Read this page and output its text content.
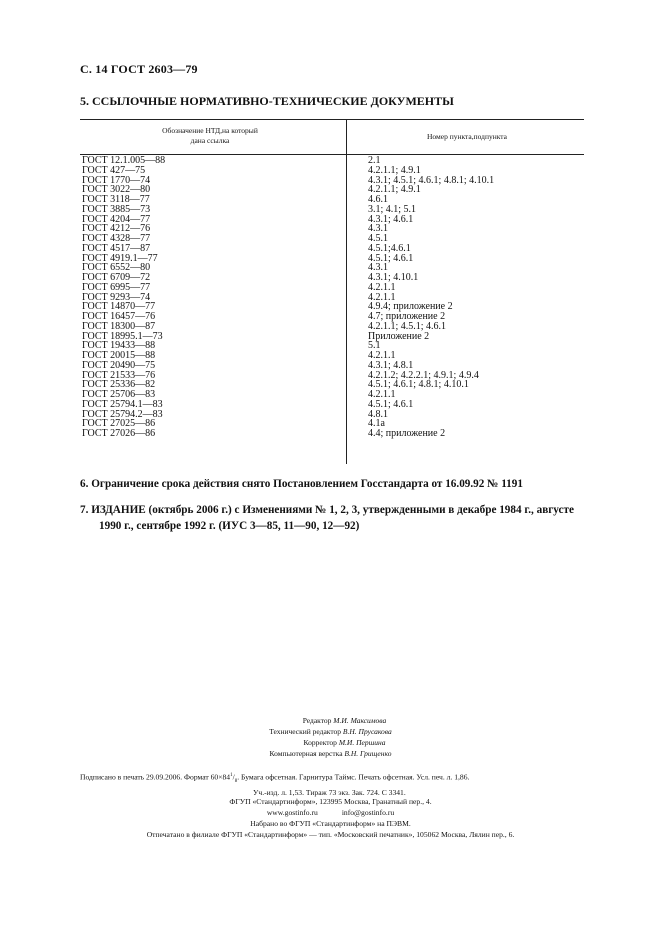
С. 14 ГОСТ 2603—79
5. ССЫЛОЧНЫЕ НОРМАТИВНО-ТЕХНИЧЕСКИЕ ДОКУМЕНТЫ
Обозначение НТД,на который
дана ссылка	Номер пункта,подпункта
ГОСТ 12.1.005—88
ГОСТ 427—75
ГОСТ 1770—74
ГОСТ 3022—80
ГОСТ 3118—77
ГОСТ 3885—73
ГОСТ 4204—77
ГОСТ 4212—76
ГОСТ 4328—77
ГОСТ 4517—87
ГОСТ 4919.1—77
ГОСТ 6552—80
ГОСТ 6709—72
ГОСТ 6995—77
ГОСТ 9293—74
ГОСТ 14870—77
ГОСТ 16457—76
ГОСТ 18300—87
ГОСТ 18995.1—73
ГОСТ 19433—88
ГОСТ 20015—88
ГОСТ 20490—75
ГОСТ 21533—76
ГОСТ 25336—82
ГОСТ 25706—83
ГОСТ 25794.1—83
ГОСТ 25794.2—83
ГОСТ 27025—86
ГОСТ 27026—86
2.1
4.2.1.1; 4.9.1
4.3.1; 4.5.1; 4.6.1; 4.8.1; 4.10.1
4.2.1.1; 4.9.1
4.6.1
3.1; 4.1; 5.1
4.3.1; 4.6.1
4.3.1
4.5.1
4.5.1;4.6.1
4.5.1; 4.6.1
4.3.1
4.3.1; 4.10.1
4.2.1.1
4.2.1.1
4.9.4; приложение 2
4.7; приложение 2
4.2.1.1; 4.5.1; 4.6.1
Приложение 2
5.1
4.2.1.1
4.3.1; 4.8.1
4.2.1.2; 4.2.2.1; 4.9.1; 4.9.4
4.5.1; 4.6.1; 4.8.1; 4.10.1
4.2.1.1
4.5.1; 4.6.1
4.8.1
4.1а
4.4; приложение 2
6. Ограничение срока действия снято Постановлением Госстандарта от 16.09.92 № 1191
7. ИЗДАНИЕ (октябрь 2006 г.) с Изменениями № 1, 2, 3, утвержденными в декабре 1984 г., августе
1990 г., сентябре 1992 г. (ИУС 3—85, 11—90, 12—92)
Редактор М.И. Максимова
Технический редактор В.Н. Прусакова
Корректор М.И. Першина
Компьютерная верстка В.Н. Грищенко
Подписано в печать 29.09.2006. Формат $60\times 84^1/_8$. Бумага офсетная. Гарнитура Таймс. Печать офсетная. Усл. печ. л. 1,86.
Уч.-изд. л. 1,53. Тираж 73 экз. Зак. 724. С 3341.
ФГУП «Стандартинформ», 123995 Москва, Гранатный пер., 4.
www.gostinfo.ru	info@gostinfo.ru
Набрано во ФГУП «Стандартинформ» на ПЭВМ.
Отпечатано в филиале ФГУП «Стандартинформ» — тип. «Московский печатник», 105062 Москва, Лялин пер., 6.
